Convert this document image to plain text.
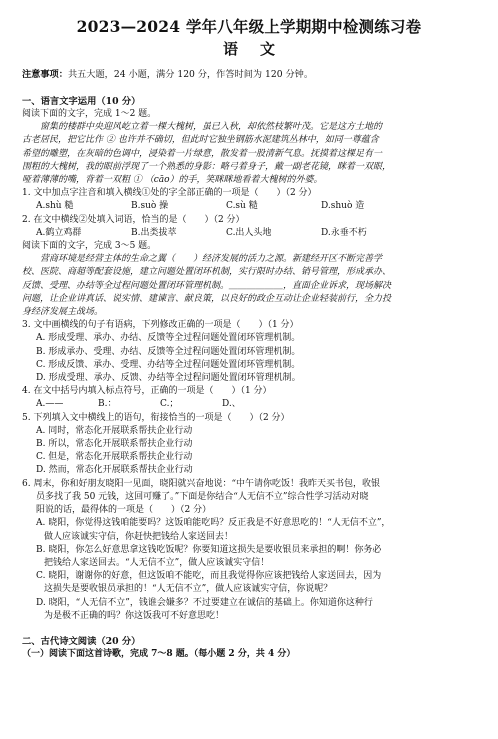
2023—2024 学年八年级上学期期中检测练习卷
语文
注意事项：共五大题，24 小题，满分 120 分，作答时间为 120 分钟。
一、语言文字运用（10 分）
阅读下面的文字，完成 1～2 题。
窗集的楼群中央迎风屹立着一棵大槐树，虽已入秋，却依然枝繁叶茂。它是这方土地的
古老居民，把它比作 ② 也许并不确切，但此时它独坐钢筋水泥建筑丛林中，如同一尊蕴含
希望的雕塑，在灰暗的色调中，浸染着一片绿意，散发着一股清新气息。抚摸着这棵足有一
围粗的大槐树，我的眼前浮现了一个熟悉的身影：略弓着身子，戴一副老花镜，眯着一双眼，
哑着薄薄的嘴，背着一双粗 ① （cāo）的手，笑眯眯地看着大槐树的外婆。
1. 文中加点字注音和填入横线①处的字全部正确的一项是（　　）（2 分）
A.shù 糙	B.suò 操	C.sù 糙	D.shuò 造
2. 在文中横线②处填入词语，恰当的是（　　）（2 分）
A.鹤立鸡群	B.出类拔萃	C.出人头地	D.永垂不朽
阅读下面的文字，完成 3～5 题。
营商环境是经营主体的生命之翼（　　）经济发展的活力之源。新建经开区不断完善学
校、医院、商超等配套设施，建立问题处置闭环机制，实行限时办结、销号管理，形成承办、
反馈、受理、办结等全过程问题处置闭环管理机制。＿＿＿＿＿＿，直面企业诉求，现场解决
问题，让企业讲真话、说实情、建谏言、献良策，以良好的政企互动让企业轻装前行，全力投
身经济发展主战场。
3. 文中画横线的句子有语病，下列修改正确的一项是（　　）（1 分）
A. 形成受理、承办、办结、反馈等全过程问题处置闭环管理机制。
B. 形成承办、受理、办结、反馈等全过程问题处置闭环管理机制。
C. 形成反馈、承办、受理、办结等全过程问题处置闭环管理机制。
D. 形成受理、承办、反馈、办结等全过程问题处置闭环管理机制。
4. 在文中括号内填入标点符号，正确的一项是（　　）（1 分）
A.——	B.：	C.；	D.、
5. 下列填入文中横线上的语句，衔接恰当的一项是（　　）（2 分）
A. 同时，常态化开展联系帮扶企业行动
B. 所以，常态化开展联系帮扶企业行动
C. 但是，常态化开展联系帮扶企业行动
D. 然而，常态化开展联系帮扶企业行动
6. 周末，你和好朋友晓阳一见面，晓阳就兴奋地说：“中午请你吃饭！我昨天买书包，收银
员多找了我 50 元钱，这回可赚了。”下面是你结合“人无信不立”综合性学习活动对晓
阳说的话，最得体的一项是（　　）（2 分）
A. 晓阳，你觉得这钱咱能要吗？这饭咱能吃吗？反正我是不好意思吃的！“人无信不立”，
做人应该诚实守信，你赶快把钱给人家送回去！
B. 晓阳，你怎么好意思拿这钱吃饭呢？你要知道这损失是要收银员来承担的啊！你务必
把钱给人家送回去。“人无信不立”，做人应该诚实守信！
C. 晓阳，谢谢你的好意，但这饭咱不能吃，而且我觉得你应该把钱给人家送回去，因为
这损失是要收银员承担的！“人无信不立”，做人应该诚实守信，你说呢？
D. 晓阳，“人无信不立”，钱谁会嫌多？不过要建立在诚信的基础上。你知道你这种行
为是极不正确的吗？你这饭我可不好意思吃！
二、古代诗文阅读（20 分）
（一）阅读下面这首诗歌，完成 7～8 题。（每小题 2 分，共 4 分）
